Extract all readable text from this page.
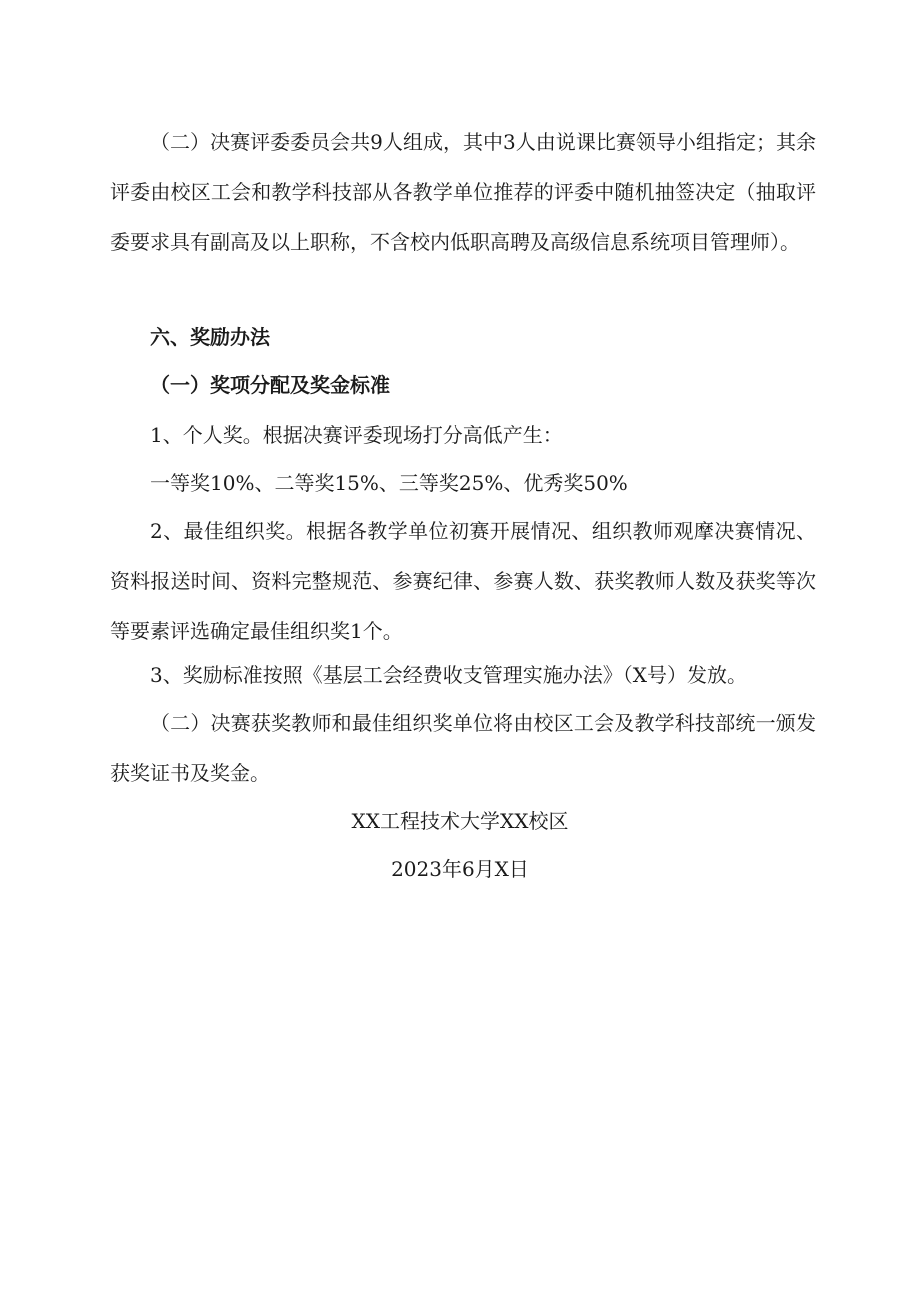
（二）决赛评委委员会共9人组成，其中3人由说课比赛领导小组指定；其余评委由校区工会和教学科技部从各教学单位推荐的评委中随机抽签决定（抽取评委要求具有副高及以上职称，不含校内低职高聘及高级信息系统项目管理师）。

六、奖励办法

（一）奖项分配及奖金标准

1、个人奖。根据决赛评委现场打分高低产生：

一等奖10%、二等奖15%、三等奖25%、优秀奖50%

2、最佳组织奖。根据各教学单位初赛开展情况、组织教师观摩决赛情况、资料报送时间、资料完整规范、参赛纪律、参赛人数、获奖教师人数及获奖等次等要素评选确定最佳组织奖1个。

3、奖励标准按照《基层工会经费收支管理实施办法》（X号）发放。

（二）决赛获奖教师和最佳组织奖单位将由校区工会及教学科技部统一颁发获奖证书及奖金。

XX工程技术大学XX校区

2023年6月X日
